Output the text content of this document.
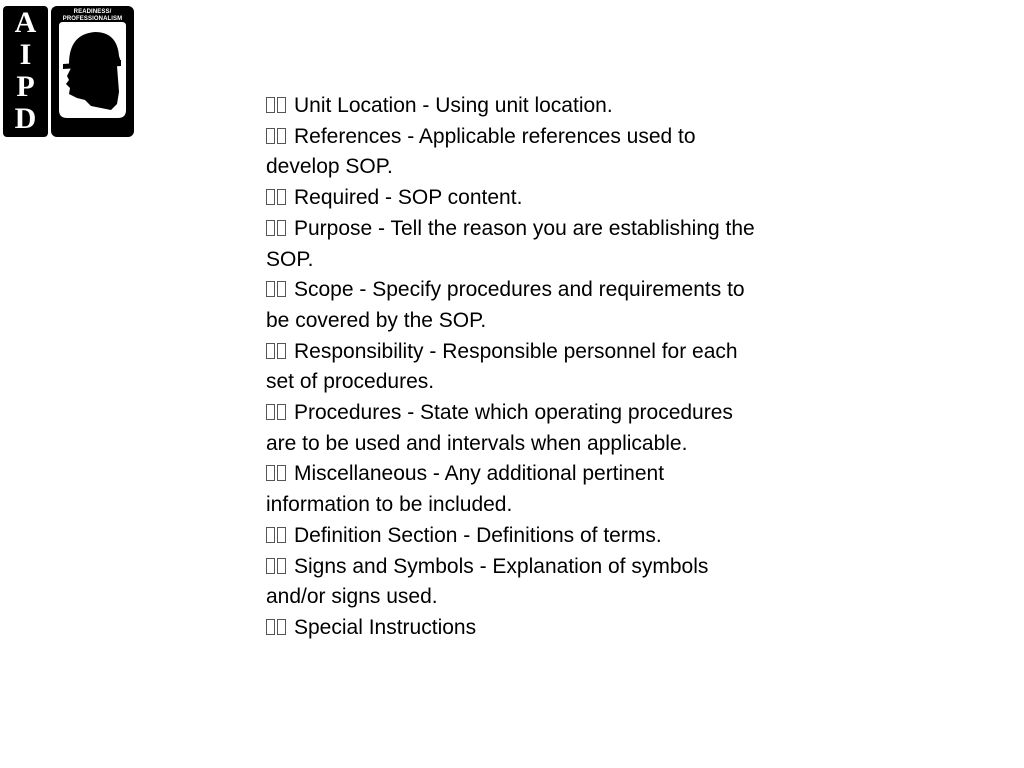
A
I
P
D
READINESS/
PROFESSIONALISM
THRU
GROWTH

Unit Location - Using unit location.

References - Applicable references used to develop SOP.

Required - SOP content.

Purpose - Tell the reason you are establishing the SOP.

Scope - Specify procedures and requirements to be covered by the SOP.

Responsibility - Responsible personnel for each set of procedures.

Procedures - State which operating procedures are to be used and intervals when applicable.

Miscellaneous - Any additional pertinent information to be included.

Definition Section - Definitions of terms.

Signs and Symbols - Explanation of symbols and/or signs used.

Special Instructions
